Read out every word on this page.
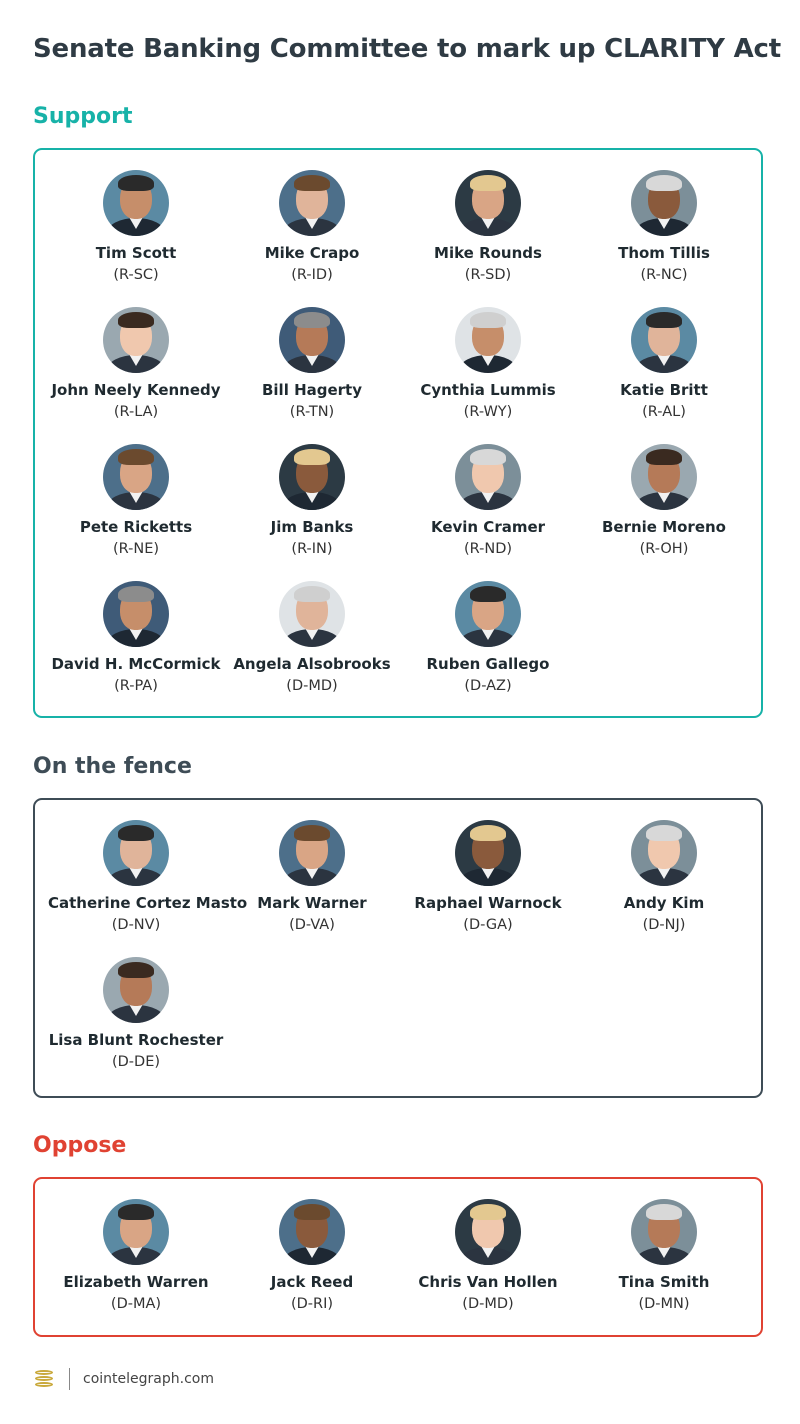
Senate Banking Committee to mark up CLARITY Act
Support
Tim Scott
(R-SC)
Mike Crapo
(R-ID)
Mike Rounds
(R-SD)
Thom Tillis
(R-NC)
John Neely Kennedy
(R-LA)
Bill Hagerty
(R-TN)
Cynthia Lummis
(R-WY)
Katie Britt
(R-AL)
Pete Ricketts
(R-NE)
Jim Banks
(R-IN)
Kevin Cramer
(R-ND)
Bernie Moreno
(R-OH)
David H. McCormick
(R-PA)
Angela Alsobrooks
(D-MD)
Ruben Gallego
(D-AZ)
On the fence
Catherine Cortez Masto
(D-NV)
Mark Warner
(D-VA)
Raphael Warnock
(D-GA)
Andy Kim
(D-NJ)
Lisa Blunt Rochester
(D-DE)
Oppose
Elizabeth Warren
(D-MA)
Jack Reed
(D-RI)
Chris Van Hollen
(D-MD)
Tina Smith
(D-MN)
cointelegraph.com
